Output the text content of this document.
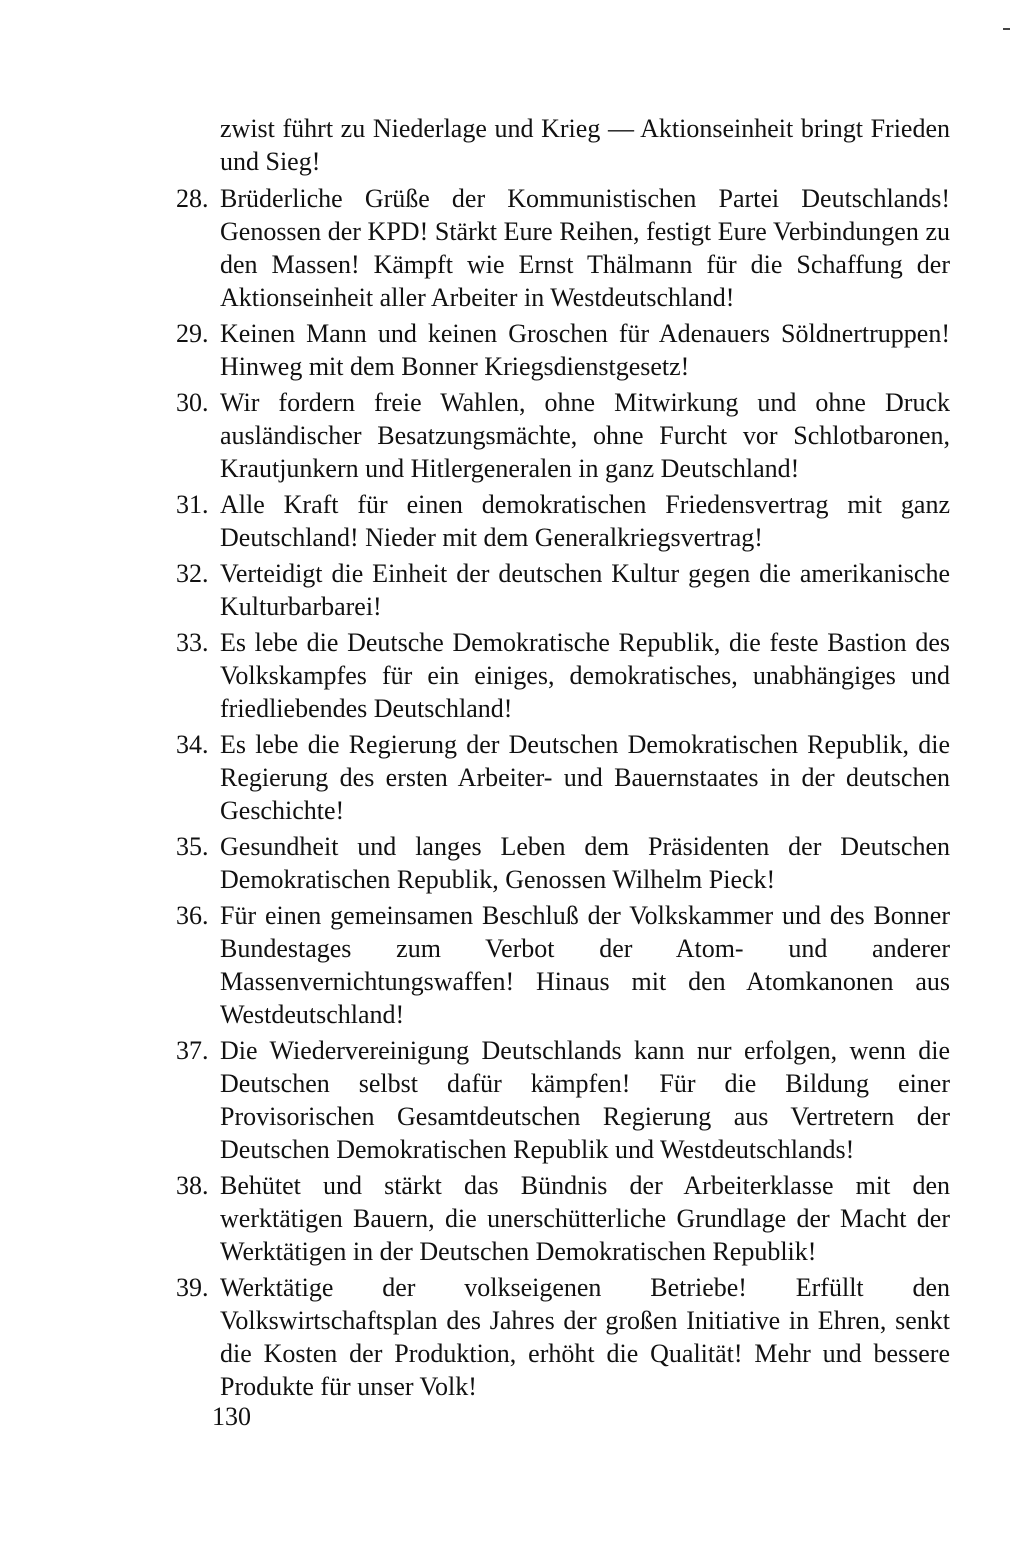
zwist führt zu Niederlage und Krieg — Aktionseinheit bringt Frieden und Sieg!
28. Brüderliche Grüße der Kommunistischen Partei Deutschlands! Genossen der KPD! Stärkt Eure Reihen, festigt Eure Verbindungen zu den Massen! Kämpft wie Ernst Thälmann für die Schaffung der Aktionseinheit aller Arbeiter in Westdeutschland!
29. Keinen Mann und keinen Groschen für Adenauers Söldnertruppen! Hinweg mit dem Bonner Kriegsdienstgesetz!
30. Wir fordern freie Wahlen, ohne Mitwirkung und ohne Druck ausländischer Besatzungsmächte, ohne Furcht vor Schlotbaronen, Krautjunkern und Hitlergeneralen in ganz Deutschland!
31. Alle Kraft für einen demokratischen Friedensvertrag mit ganz Deutschland! Nieder mit dem Generalkriegsvertrag!
32. Verteidigt die Einheit der deutschen Kultur gegen die amerikanische Kulturbarbarei!
33. Es lebe die Deutsche Demokratische Republik, die feste Bastion des Volkskampfes für ein einiges, demokratisches, unabhängiges und friedliebendes Deutschland!
34. Es lebe die Regierung der Deutschen Demokratischen Republik, die Regierung des ersten Arbeiter- und Bauernstaates in der deutschen Geschichte!
35. Gesundheit und langes Leben dem Präsidenten der Deutschen Demokratischen Republik, Genossen Wilhelm Pieck!
36. Für einen gemeinsamen Beschluß der Volkskammer und des Bonner Bundestages zum Verbot der Atom- und anderer Massenvernichtungswaffen! Hinaus mit den Atomkanonen aus Westdeutschland!
37. Die Wiedervereinigung Deutschlands kann nur erfolgen, wenn die Deutschen selbst dafür kämpfen! Für die Bildung einer Provisorischen Gesamtdeutschen Regierung aus Vertretern der Deutschen Demokratischen Republik und Westdeutschlands!
38. Behütet und stärkt das Bündnis der Arbeiterklasse mit den werktätigen Bauern, die unerschütterliche Grundlage der Macht der Werktätigen in der Deutschen Demokratischen Republik!
39. Werktätige der volkseigenen Betriebe! Erfüllt den Volkswirtschaftsplan des Jahres der großen Initiative in Ehren, senkt die Kosten der Produktion, erhöht die Qualität! Mehr und bessere Produkte für unser Volk!
130
